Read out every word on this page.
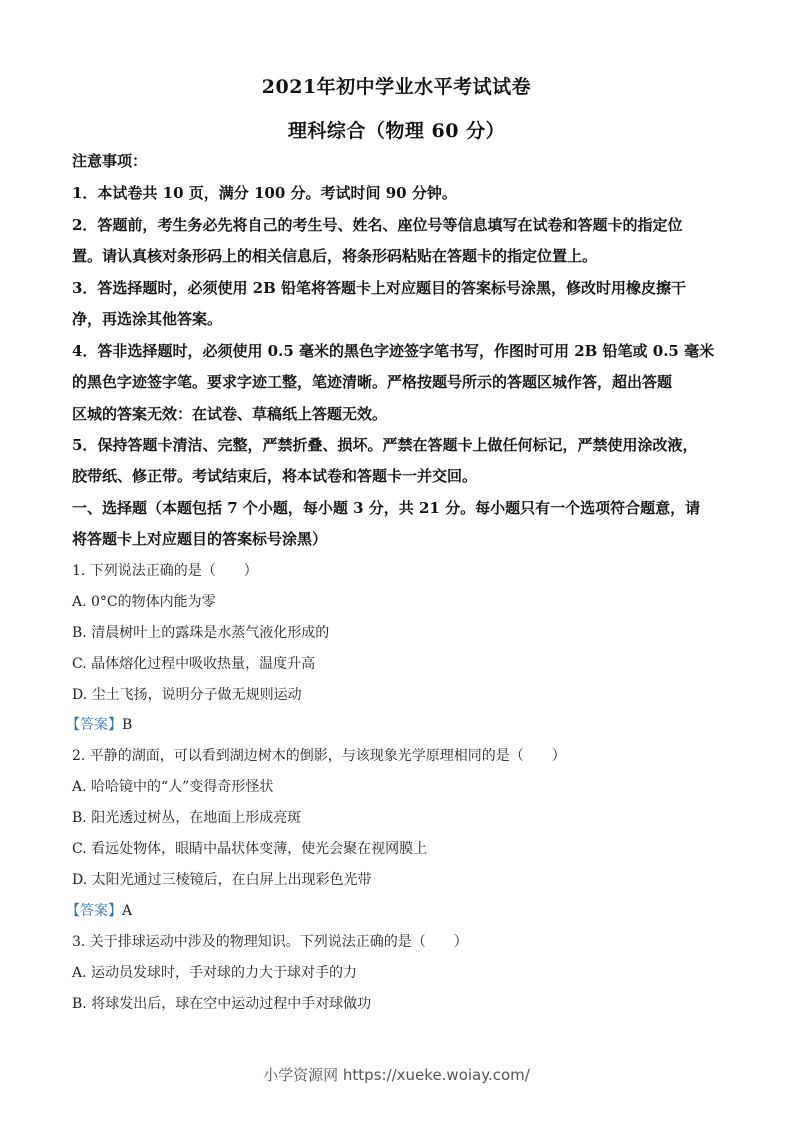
2021年初中学业水平考试试卷
理科综合（物理 60 分）
注意事项：
1．本试卷共 10 页，满分 100 分。考试时间 90 分钟。
2．答题前，考生务必先将自己的考生号、姓名、座位号等信息填写在试卷和答题卡的指定位
置。请认真核对条形码上的相关信息后，将条形码粘贴在答题卡的指定位置上。
3．答选择题时，必须使用 2B 铅笔将答题卡上对应题目的答案标号涂黑，修改时用橡皮擦干
净，再选涂其他答案。
4．答非选择题时，必须使用 0.5 毫米的黑色字迹签字笔书写，作图时可用 2B 铅笔或 0.5 毫米
的黑色字迹签字笔。要求字迹工整，笔迹清晰。严格按题号所示的答题区城作答，超出答题
区城的答案无效：在试卷、草稿纸上答题无效。
5．保持答题卡清洁、完整，严禁折叠、损坏。严禁在答题卡上做任何标记，严禁使用涂改液，
胶带纸、修正带。考试结束后，将本试卷和答题卡一并交回。
一、选择题（本题包括 7 个小题，每小题 3 分，共 21 分。每小题只有一个选项符合题意，请
将答题卡上对应题目的答案标号涂黑）
1. 下列说法正确的是（　　）
A. 0°C的物体内能为零
B. 清晨树叶上的露珠是水蒸气液化形成的
C. 晶体熔化过程中吸收热量，温度升高
D. 尘土飞扬，说明分子做无规则运动
【答案】B
2. 平静的湖面，可以看到湖边树木的倒影，与该现象光学原理相同的是（　　）
A. 哈哈镜中的“人”变得奇形怪状
B. 阳光透过树丛，在地面上形成亮斑
C. 看远处物体，眼睛中晶状体变薄，使光会聚在视网膜上
D. 太阳光通过三棱镜后，在白屏上出现彩色光带
【答案】A
3. 关于排球运动中涉及的物理知识。下列说法正确的是（　　）
A. 运动员发球时，手对球的力大于球对手的力
B. 将球发出后，球在空中运动过程中手对球做功
小学资源网 https://xueke.woiay.com/
